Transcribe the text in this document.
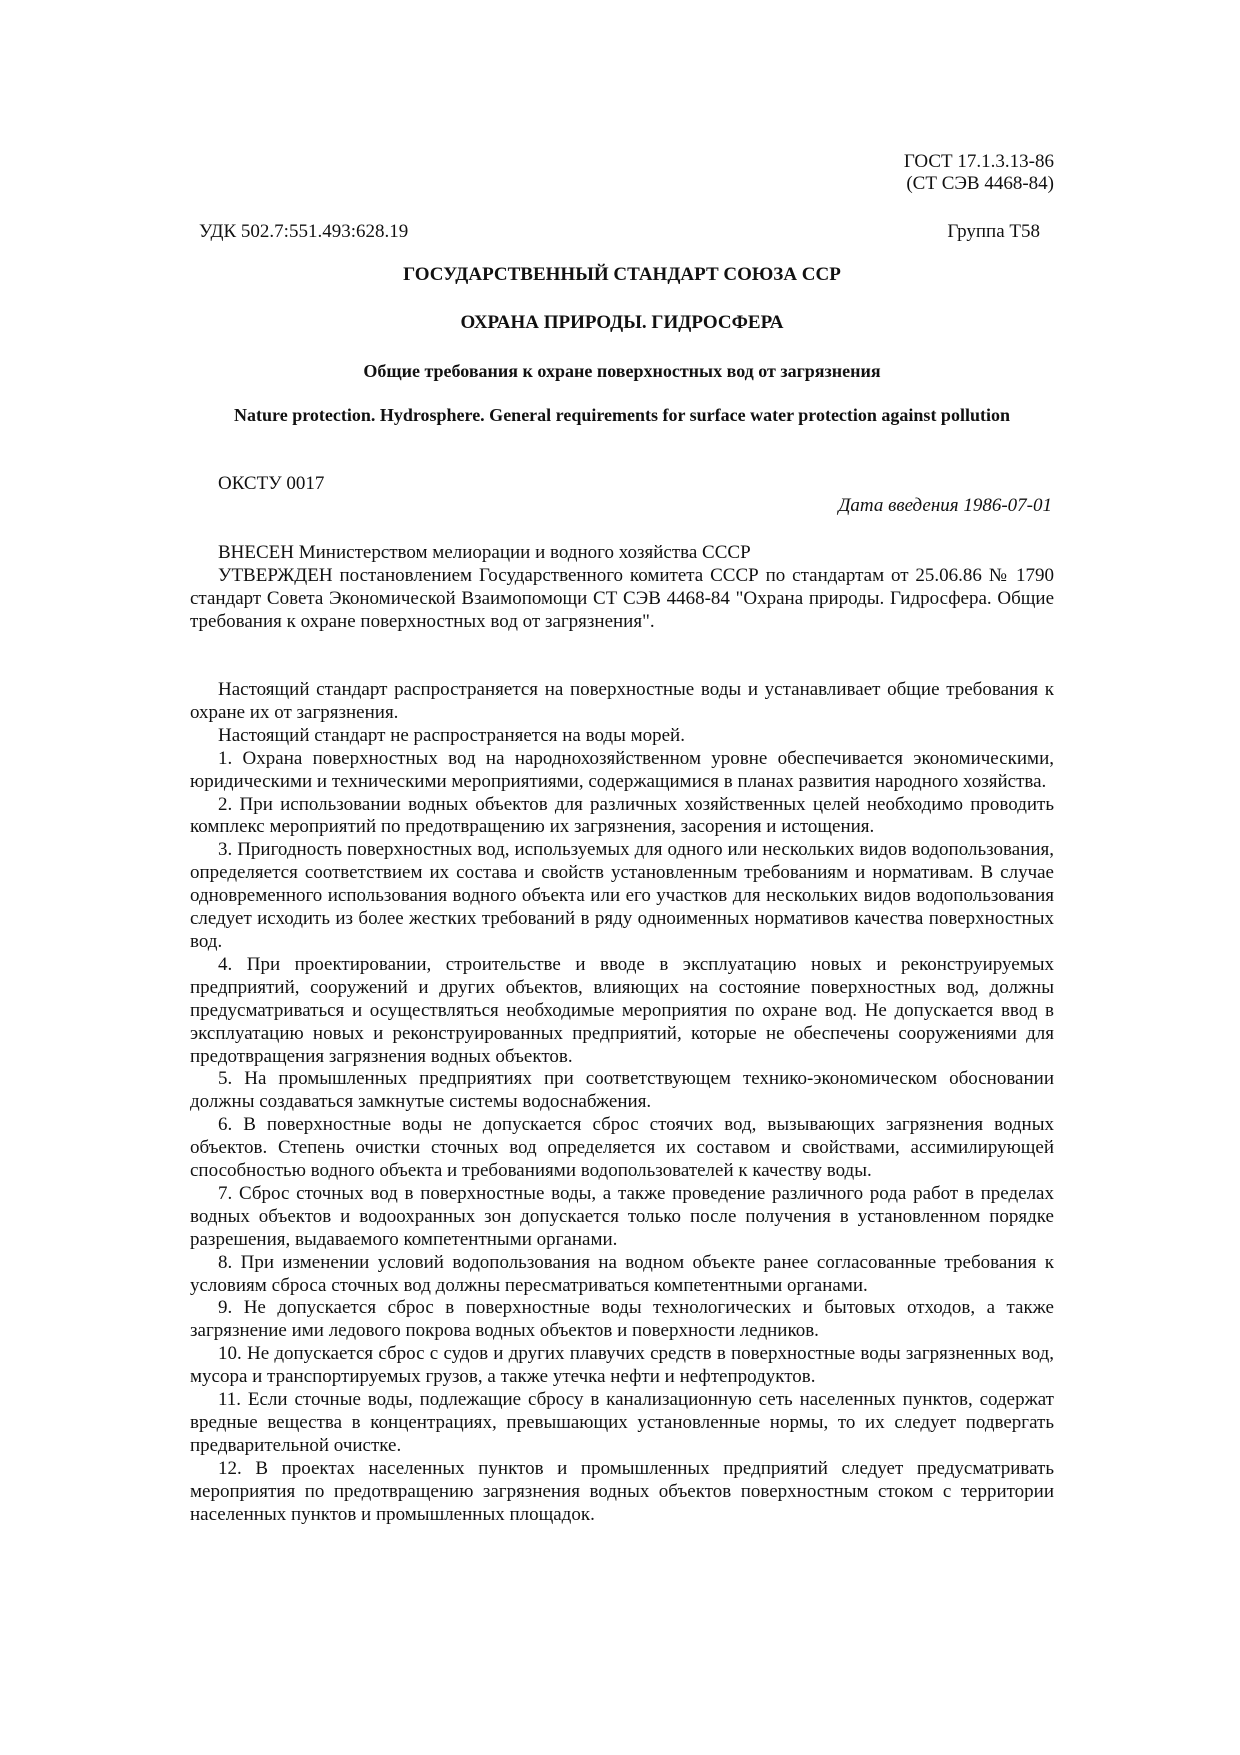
ГОСТ 17.1.3.13-86
(СТ СЭВ 4468-84)
УДК 502.7:551.493:628.19	Группа Т58
ГОСУДАРСТВЕННЫЙ СТАНДАРТ СОЮЗА ССР
ОХРАНА ПРИРОДЫ. ГИДРОСФЕРА
Общие требования к охране поверхностных вод от загрязнения
Nature protection. Hydrosphere. General requirements for surface water protection against pollution
ОКСТУ 0017
Дата введения 1986-07-01

ВНЕСЕН Министерством мелиорации и водного хозяйства СССР

УТВЕРЖДЕН постановлением Государственного комитета СССР по стандартам от 25.06.86 № 1790 стандарт Совета Экономической Взаимопомощи СТ СЭВ 4468-84 "Охрана природы. Гидросфера. Общие требования к охране поверхностных вод от загрязнения".

Настоящий стандарт распространяется на поверхностные воды и устанавливает общие требования к охране их от загрязнения.

Настоящий стандарт не распространяется на воды морей.

1. Охрана поверхностных вод на народнохозяйственном уровне обеспечивается экономическими, юридическими и техническими мероприятиями, содержащимися в планах развития народного хозяйства.

2. При использовании водных объектов для различных хозяйственных целей необходимо проводить комплекс мероприятий по предотвращению их загрязнения, засорения и истощения.

3. Пригодность поверхностных вод, используемых для одного или нескольких видов водопользования, определяется соответствием их состава и свойств установленным требованиям и нормативам. В случае одновременного использования водного объекта или его участков для нескольких видов водопользования следует исходить из более жестких требований в ряду одноименных нормативов качества поверхностных вод.

4. При проектировании, строительстве и вводе в эксплуатацию новых и реконструируемых предприятий, сооружений и других объектов, влияющих на состояние поверхностных вод, должны предусматриваться и осуществляться необходимые мероприятия по охране вод. Не допускается ввод в эксплуатацию новых и реконструированных предприятий, которые не обеспечены сооружениями для предотвращения загрязнения водных объектов.

5. На промышленных предприятиях при соответствующем технико-экономическом обосновании должны создаваться замкнутые системы водоснабжения.

6. В поверхностные воды не допускается сброс стоячих вод, вызывающих загрязнения водных объектов. Степень очистки сточных вод определяется их составом и свойствами, ассимилирующей способностью водного объекта и требованиями водопользователей к качеству воды.

7. Сброс сточных вод в поверхностные воды, а также проведение различного рода работ в пределах водных объектов и водоохранных зон допускается только после получения в установленном порядке разрешения, выдаваемого компетентными органами.

8. При изменении условий водопользования на водном объекте ранее согласованные требования к условиям сброса сточных вод должны пересматриваться компетентными органами.

9. Не допускается сброс в поверхностные воды технологических и бытовых отходов, а также загрязнение ими ледового покрова водных объектов и поверхности ледников.

10. Не допускается сброс с судов и других плавучих средств в поверхностные воды загрязненных вод, мусора и транспортируемых грузов, а также утечка нефти и нефтепродуктов.

11. Если сточные воды, подлежащие сбросу в канализационную сеть населенных пунктов, содержат вредные вещества в концентрациях, превышающих установленные нормы, то их следует подвергать предварительной очистке.

12. В проектах населенных пунктов и промышленных предприятий следует предусматривать мероприятия по предотвращению загрязнения водных объектов поверхностным стоком с территории населенных пунктов и промышленных площадок.
